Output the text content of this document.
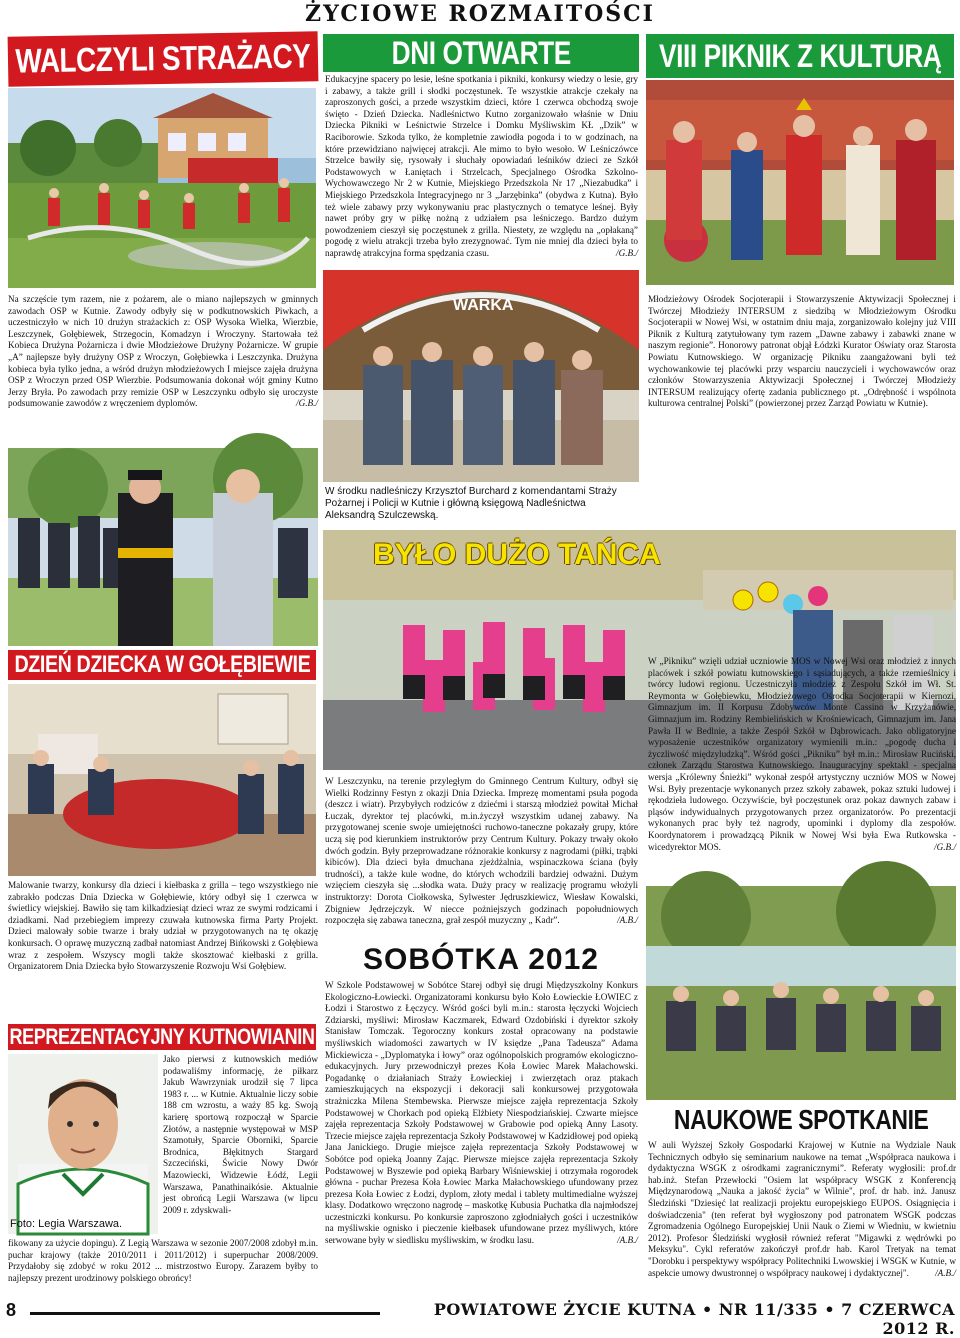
ŻYCIOWE ROZMAITOŚCI
WALCZYLI STRAŻACY

Na szczęście tym razem, nie z pożarem, ale o miano najlepszych w gminnych zawodach OSP w Kutnie. Zawody odbyły się w podkutnowskich Piwkach, a uczestniczyło w nich 10 drużyn strażackich z: OSP Wysoka Wielka, Wierzbie, Leszczynek, Gołębiewek, Strzegocin, Komadzyn i Wroczyny. Startowała też Kobieca Drużyna Pożarnicza i dwie Młodzieżowe Drużyny Pożarnicze. W grupie „A” najlepsze były drużyny OSP z Wroczyn, Gołębiewka i Leszczynka. Drużyna kobieca była tylko jedna, a wśród drużyn młodzieżowych I miejsce zajęła drużyna OSP z Wroczyn przed OSP Wierzbie. Podsumowania dokonał wójt gminy Kutno Jerzy Bryła. Po zawodach przy remizie OSP w Leszczynku odbyło się uroczyste podsumowanie zawodów z wręczeniem dyplomów.	/G.B./

DNI OTWARTE

Edukacyjne spacery po lesie, leśne spotkania i pikniki, konkursy wiedzy o lesie, gry i zabawy, a także grill i słodki poczęstunek. Te wszystkie atrakcje czekały na zaproszonych gości, a przede wszystkim dzieci, które 1 czerwca obchodzą swoje święto - Dzień Dziecka. Nadleśnictwo Kutno zorganizowało właśnie w Dniu Dziecka Pikniki w Leśnictwie Strzelce i Domku Myśliwskim KŁ „Dzik” w Raciborowie. Szkoda tylko, że kompletnie zawiodła pogoda i to w godzinach, na które przewidziano najwięcej atrakcji. Ale mimo to było wesoło. W Leśniczówce Strzelce bawiły się, rysowały i słuchały opowiadań leśników dzieci ze Szkół Podstawowych w Łaniętach i Strzelcach, Specjalnego Ośrodka Szkolno-Wychowawczego Nr 2 w Kutnie, Miejskiego Przedszkola Nr 17 „Niezabudka” i Miejskiego Przedszkola Integracyjnego nr 3 „Jarzębinka” (obydwa z Kutna). Było też wiele zabawy przy wykonywaniu prac plastycznych o tematyce leśnej. Były nawet próby gry w piłkę nożną z udziałem psa leśniczego. Bardzo dużym powodzeniem cieszył się poczęstunek z grilla. Niestety, ze względu na „opłakaną” pogodę z wielu atrakcji trzeba było zrezygnować. Tym nie mniej dla dzieci była to naprawdę atrakcyjna forma spędzania czasu.	/G.B./

WARKA
W środku nadleśniczy Krzysztof Burchard z komendantami Straży Pożarnej i Policji w Kutnie i główną księgową Nadleśnictwa Aleksandrą Szulczewską.
VIII PIKNIK Z KULTURĄ
Młodzieżowy Ośrodek Socjoterapii i Stowarzyszenie Aktywizacji Społecznej i Twórczej Młodzieży INTERSUM z siedzibą w Młodzieżowym Ośrodku Socjoterapii w Nowej Wsi, w ostatnim dniu maja, zorganizowało kolejny już VIII Piknik z Kulturą zatytułowany tym razem „Dawne zabawy i zabawki znane w naszym regionie”. Honorowy patronat objął Łódzki Kurator Oświaty oraz Starosta Powiatu Kutnowskiego. W organizację Pikniku zaangażowani byli też wychowankowie tej placówki przy wsparciu nauczycieli i wychowawców oraz członków Stowarzyszenia Aktywizacji Społecznej i Twórczej Młodzieży INTERSUM realizujący ofertę zadania publicznego pt. „Odrębność i wspólnota kulturowa centralnej Polski” (powierzonej przez Zarząd Powiatu w Kutnie).
BYŁO DUŻO TAŃCA

W „Pikniku” wzięli udział uczniowie MOS w Nowej Wsi oraz młodzież z innych placówek i szkół powiatu kutnowskiego i sąsiadujących, a także rzemieślnicy i twórcy ludowi regionu. Uczestniczyła młodzież z Zespołu Szkół im Wł. St. Reymonta w Gołębiewku, Młodzieżowego Ośrodka Socjoterapii w Kiernozi, Gimnazjum im. II Korpusu Zdobywców Monte Cassino w Krzyżanówie, Gimnazjum im. Rodziny Rembielińskich w Krośniewicach, Gimnazjum im. Jana Pawła II w Bedlnie, a także Zespół Szkół w Dąbrowicach. Jako obligatoryjne wyposażenie uczestników organizatory wymienili m.in.: „pogodę ducha i życzliwość międzyludzką”. Wśród gości „Pikniku” był m.in.: Mirosław Ruciński, członek Zarządu Starostwa Kutnowskiego. Inauguracyjny spektakl - specjalna wersja „Królewny Śnieżki” wykonał zespół artystyczny uczniów MOS w Nowej Wsi. Były prezentacje wykonanych przez szkoły zabawek, pokaz sztuki ludowej i rękodzieła ludowego. Oczywiście, był poczęstunek oraz pokaz dawnych zabaw i pląsów indywidualnych przygotowanych przez organizatorów. Po prezentacji wykonanych prac były też nagrody, upominki i dyplomy dla zespołów. Koordynatorem i prowadzącą Piknik w Nowej Wsi była Ewa Rutkowska - wicedyrektor MOS.	/G.B./

DZIEŃ DZIECKA W GOŁĘBIEWIE
Malowanie twarzy, konkursy dla dzieci i kiełbaska z grilla – tego wszystkiego nie zabrakło podczas Dnia Dziecka w Gołębiewie, który odbył się 1 czerwca w świetlicy wiejskiej. Bawiło się tam kilkadziesiąt dzieci wraz ze swymi rodzicami i dziadkami. Nad przebiegiem imprezy czuwała kutnowska firma Party Projekt. Dzieci malowały sobie twarze i brały udział w przygotowanych na tę okazję konkursach. O oprawę muzyczną zadbał natomiast Andrzej Bińkowski z Gołębiewa wraz z zespołem. Wszyscy mogli także skosztować kiełbaski z grilla. Organizatorem Dnia Dziecka było Stowarzyszenie Rozwoju Wsi Gołębiew.
REPREZENTACYJNY KUTNOWIANIN
Foto: Legia Warszawa.
Jako pierwsi z kutnowskich mediów podawaliśmy informację, że piłkarz Jakub Wawrzyniak urodził się 7 lipca 1983 r. ... w Kutnie. Aktualnie liczy sobie 188 cm wzrostu, a waży 85 kg. Swoją karierę sportową rozpoczął w Sparcie Złotów, a następnie występował w MSP Szamotuły, Sparcie Oborniki, Sparcie Brodnica, Błękitnych Stargard Szczeciński, Świcie Nowy Dwór Mazowiecki, Widzewie Łódź, Legii Warszawa, Panathinaikósie. Aktualnie jest obrońcą Legii Warszawa (w lipcu 2009 r. zdyskwali-
fikowany za użycie dopingu). Z Legią Warszawa w sezonie 2007/2008 zdobył m.in. puchar krajowy (także 2010/2011 i 2011/2012) i superpuchar 2008/2009. Przydałoby się zdobyć w roku 2012 ... mistrzostwo Europy. Zarazem byłby to najlepszy prezent urodzinowy polskiego obrońcy!

W Leszczynku, na terenie przyległym do Gminnego Centrum Kultury, odbył się Wielki Rodzinny Festyn z okazji Dnia Dziecka. Imprezę momentami psuła pogoda (deszcz i wiatr). Przybyłych rodziców z dziećmi i starszą młodzież powitał Michał Łuczak, dyrektor tej placówki, m.in.życzył wszystkim udanej zabawy. Na przygotowanej scenie swoje umiejętności ruchowo-taneczne pokazały grupy, które uczą się pod kierunkiem instruktorów przy Centrum Kultury. Pokazy trwały około dwóch godzin. Były przeprowadzane różnorakie konkursy z nagrodami (piłki, trąbki kibiców). Dla dzieci była dmuchana zjeżdżalnia, wspinaczkowa ściana (były trudności), a także kule wodne, do których wchodzili bardziej odważni. Dużym wzięciem cieszyła się ...słodka wata. Duży pracy w realizację programu włożyli instruktorzy: Dorota Ciołkowska, Sylwester Jędruszkiewicz, Wiesław Kowalski, Zbigniew Jędrzejczyk. W niecce pożniejszych godzinach popołudniowych rozpoczęła się zabawa taneczna, grał zespół muzyczny „ Kadr”.	/A.B./

SOBÓTKA 2012

W Szkole Podstawowej w Sobótce Starej odbył się drugi Międzyszkolny Konkurs Ekologiczno-Łowiecki. Organizatorami konkursu było Koło Łowieckie ŁOWIEC z Łodzi i Starostwo z Łęczycy. Wśród gości byli m.in.: starosta łęczycki Wojciech Zdziarski, myśliwi: Mirosław Kaczmarek, Edward Ozdobiński i dyrektor szkoły Stanisław Tomczak. Tegoroczny konkurs został opracowany na podstawie myśliwskich wiadomości zawartych w IV księdze „Pana Tadeusza” Adama Mickiewicza - „Dyplomatyka i łowy” oraz ogólnopolskich programów ekologiczno-edukacyjnych. Jury przewodniczył prezes Koła Łowiec Marek Małachowski. Pogadankę o działaniach Straży Łowieckiej i zwierzętach oraz ptakach zamieszkujących na ekspozycji i dekoracji sali konkursowej przygotowała strażniczka Milena Stembewska. Pierwsze miejsce zajęła reprezentacja Szkoły Podstawowej w Chorkach pod opieką Elżbiety Niespodziańskiej. Czwarte miejsce zajęła reprezentacja Szkoły Podstawowej w Grabowie pod opieką Anny Lasoty. Trzecie miejsce zajęła reprezentacja Szkoły Podstawowej w Kadzidłowej pod opieką Jana Janickiego. Drugie miejsce zajęła reprezentacja Szkoły Podstawowej w Sobótce pod opieką Joanny Zając. Pierwsze miejsce zajęła reprezentacja Szkoły Podstawowej w Byszewie pod opieką Barbary Wiśniewskiej i otrzymała rogorodek główna - puchar Prezesa Koła Łowiec Marka Małachowskiego ufundowany przez prezesa Koła Łowiec z Łodzi, dyplom, złoty medal i tablety multimedialne wyższej klasy. Dodatkowo wręczono nagrodę – maskotkę Kubusia Puchatka dla najmłodszej uczestniczki konkursu. Po konkursie zaproszono zgłodniałych gości i uczestników na myśliwskie ognisko i pieczenie kiełbasek ufundowane przez myśliwych, które serwowane były w siedlisku myśliwskim, w środku lasu.	/A.B./

NAUKOWE SPOTKANIE

W auli Wyższej Szkoły Gospodarki Krajowej w Kutnie na Wydziale Nauk Technicznych odbyło się seminarium naukowe na temat „Współpraca naukowa i dydaktyczna WSGK z ośrodkami zagranicznymi”. Referaty wygłosili: prof.dr hab.inż. Stefan Przewłocki "Osiem lat współpracy WSGK z Konferencją Międzynarodową „Nauka a jakość życia” w Wilnie", prof. dr hab. inż. Janusz Śledziński "Dziesięć lat realizacji projektu europejskiego EUPOS. Osiągnięcia i doświadczenia" (ten referat był wygłoszony pod patronatem WSGK podczas Zgromadzenia Ogólnego Europejskiej Unii Nauk o Ziemi w Wiedniu, w kwietniu 2012). Profesor Śledziński wygłosił również referat "Migawki z wędrówki po Meksyku". Cykl referatów zakończył prof.dr hab. Karol Tretyak na temat "Dorobku i perspektywy współpracy Politechniki Lwowskiej i WSGK w Kutnie, w aspekcie umowy dwustronnej o współpracy naukowej i dydaktycznej".	/A.B./

8	POWIATOWE ŻYCIE KUTNA • NR 11/335 • 7 CZERWCA 2012 R.
